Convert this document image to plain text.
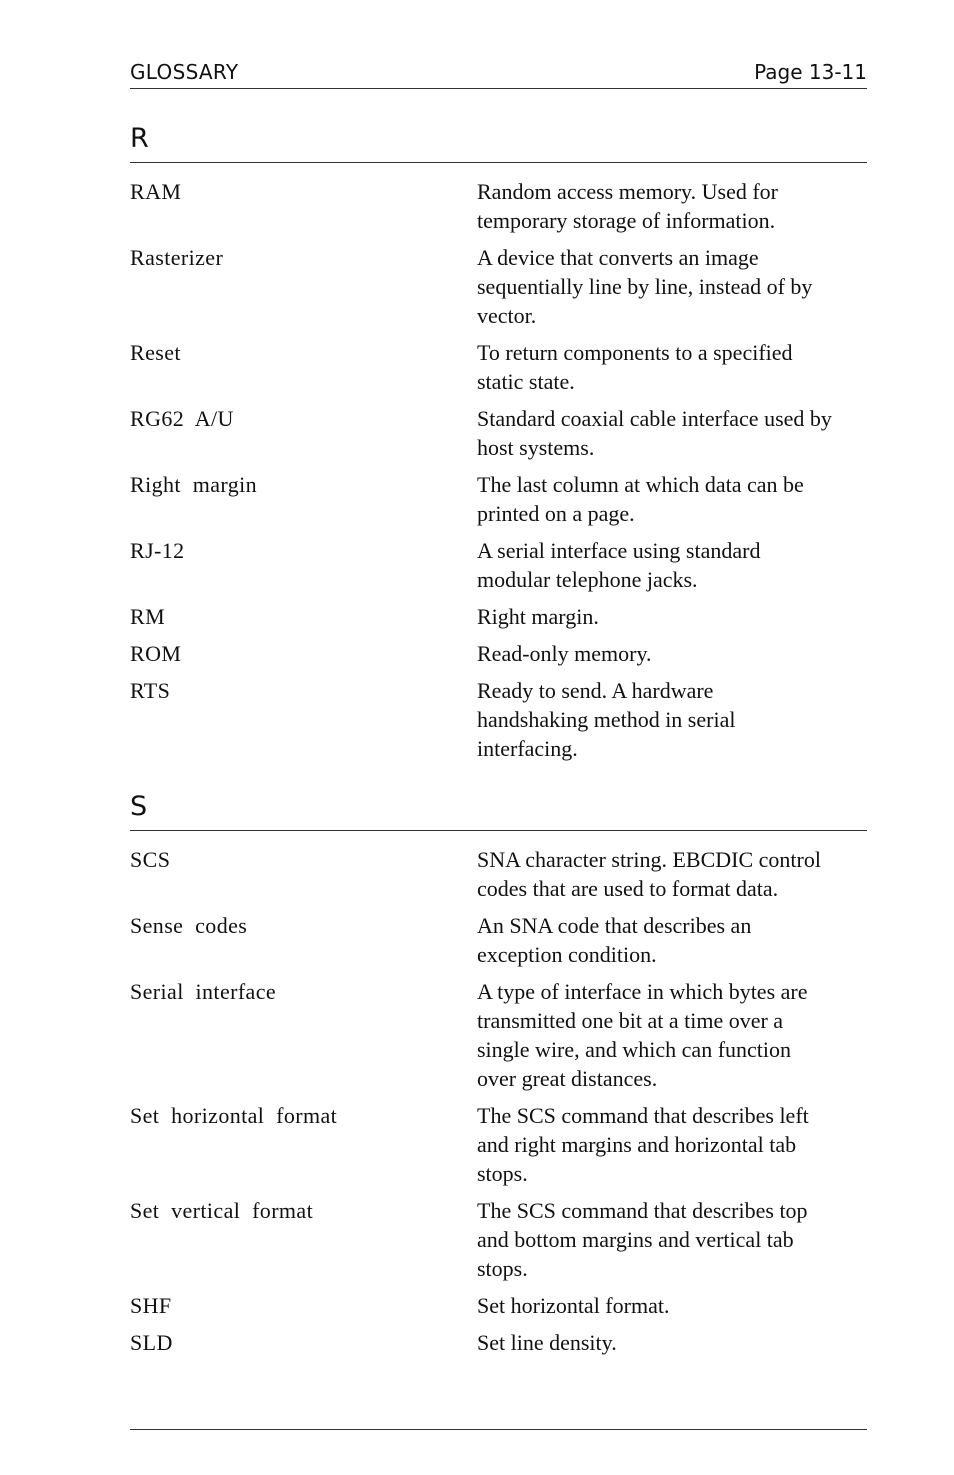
GLOSSARY	Page 13-11
R
RAM	Random access memory. Used for
temporary storage of information.
Rasterizer	A device that converts an image
sequentially line by line, instead of by
vector.
Reset	To return components to a specified
static state.
RG62  A/U	Standard coaxial cable interface used by
host systems.
Right  margin	The last column at which data can be
printed on a page.
RJ-12	A serial interface using standard
modular telephone jacks.
RM	Right margin.
ROM	Read-only memory.
RTS	Ready to send. A hardware
handshaking method in serial
interfacing.
S
SCS	SNA character string. EBCDIC control
codes that are used to format data.
Sense  codes	An SNA code that describes an
exception condition.
Serial  interface	A type of interface in which bytes are
transmitted one bit at a time over a
single wire, and which can function
over great distances.
Set  horizontal  format	The SCS command that describes left
and right margins and horizontal tab
stops.
Set  vertical  format	The SCS command that describes top
and bottom margins and vertical tab
stops.
SHF	Set horizontal format.
SLD	Set line density.
